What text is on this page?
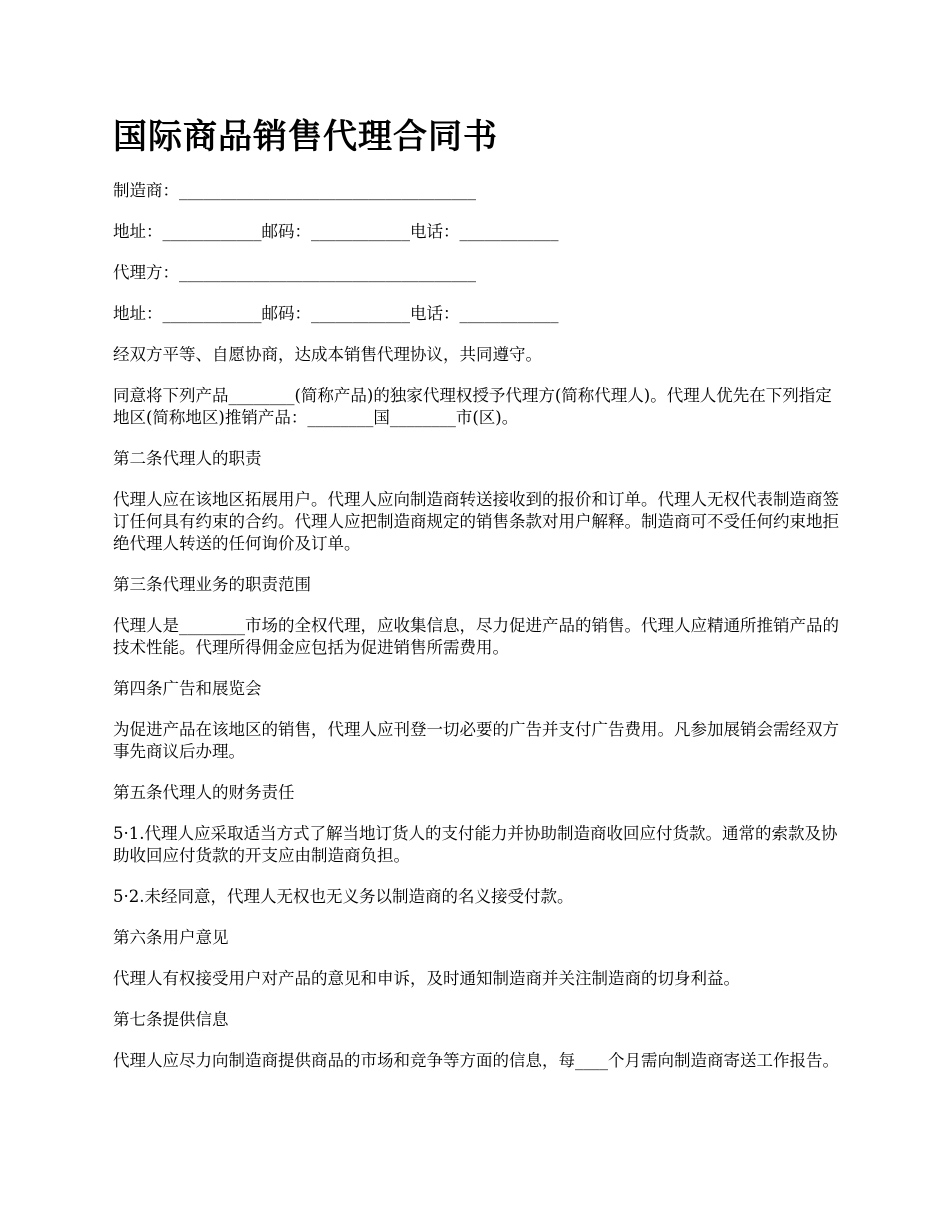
国际商品销售代理合同书

制造商：____________________________________

地址：____________邮码：____________电话：____________

代理方：____________________________________

地址：____________邮码：____________电话：____________

经双方平等、自愿协商，达成本销售代理协议，共同遵守。

同意将下列产品________(简称产品)的独家代理权授予代理方(简称代理人)。代理人优先在下列指定地区(简称地区)推销产品：________国________市(区)。

第二条代理人的职责

代理人应在该地区拓展用户。代理人应向制造商转送接收到的报价和订单。代理人无权代表制造商签订任何具有约束的合约。代理人应把制造商规定的销售条款对用户解释。制造商可不受任何约束地拒绝代理人转送的任何询价及订单。

第三条代理业务的职责范围

代理人是________市场的全权代理，应收集信息，尽力促进产品的销售。代理人应精通所推销产品的技术性能。代理所得佣金应包括为促进销售所需费用。

第四条广告和展览会

为促进产品在该地区的销售，代理人应刊登一切必要的广告并支付广告费用。凡参加展销会需经双方事先商议后办理。

第五条代理人的财务责任

5·1.代理人应采取适当方式了解当地订货人的支付能力并协助制造商收回应付货款。通常的索款及协助收回应付货款的开支应由制造商负担。

5·2.未经同意，代理人无权也无义务以制造商的名义接受付款。

第六条用户意见

代理人有权接受用户对产品的意见和申诉，及时通知制造商并关注制造商的切身利益。

第七条提供信息

代理人应尽力向制造商提供商品的市场和竞争等方面的信息，每____个月需向制造商寄送工作报告。
